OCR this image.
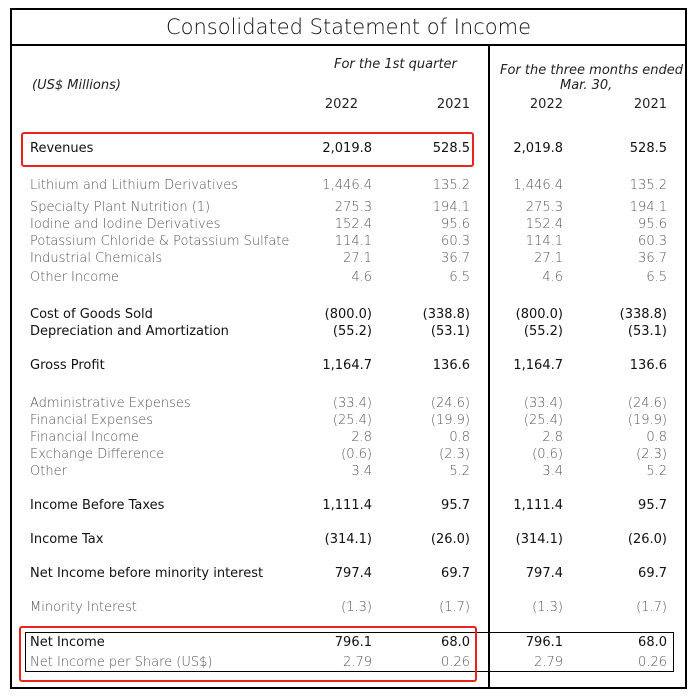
Consolidated Statement of Income
(US$ Millions)
For the 1st quarter	For the three months ended
Mar. 30,
2022	2021	2022	2021
Revenues	2,019.8	528.5	2,019.8	528.5
Lithium and Lithium Derivatives	1,446.4	135.2	1,446.4	135.2
Specialty Plant Nutrition (1)	275.3	194.1	275.3	194.1
Iodine and Iodine Derivatives	152.4	95.6	152.4	95.6
Potassium Chloride & Potassium Sulfate	114.1	60.3	114.1	60.3
Industrial Chemicals	27.1	36.7	27.1	36.7
Other Income	4.6	6.5	4.6	6.5
Cost of Goods Sold	(800.0)	(338.8)	(800.0)	(338.8)
Depreciation and Amortization	(55.2)	(53.1)	(55.2)	(53.1)
Gross Profit	1,164.7	136.6	1,164.7	136.6
Administrative Expenses	(33.4)	(24.6)	(33.4)	(24.6)
Financial Expenses	(25.4)	(19.9)	(25.4)	(19.9)
Financial Income	2.8	0.8	2.8	0.8
Exchange Difference	(0.6)	(2.3)	(0.6)	(2.3)
Other	3.4	5.2	3.4	5.2
Income Before Taxes	1,111.4	95.7	1,111.4	95.7
Income Tax	(314.1)	(26.0)	(314.1)	(26.0)
Net Income before minority interest	797.4	69.7	797.4	69.7
Minority Interest	(1.3)	(1.7)	(1.3)	(1.7)
Net Income	796.1	68.0	796.1	68.0
Net Income per Share (US$)	2.79	0.26	2.79	0.26
